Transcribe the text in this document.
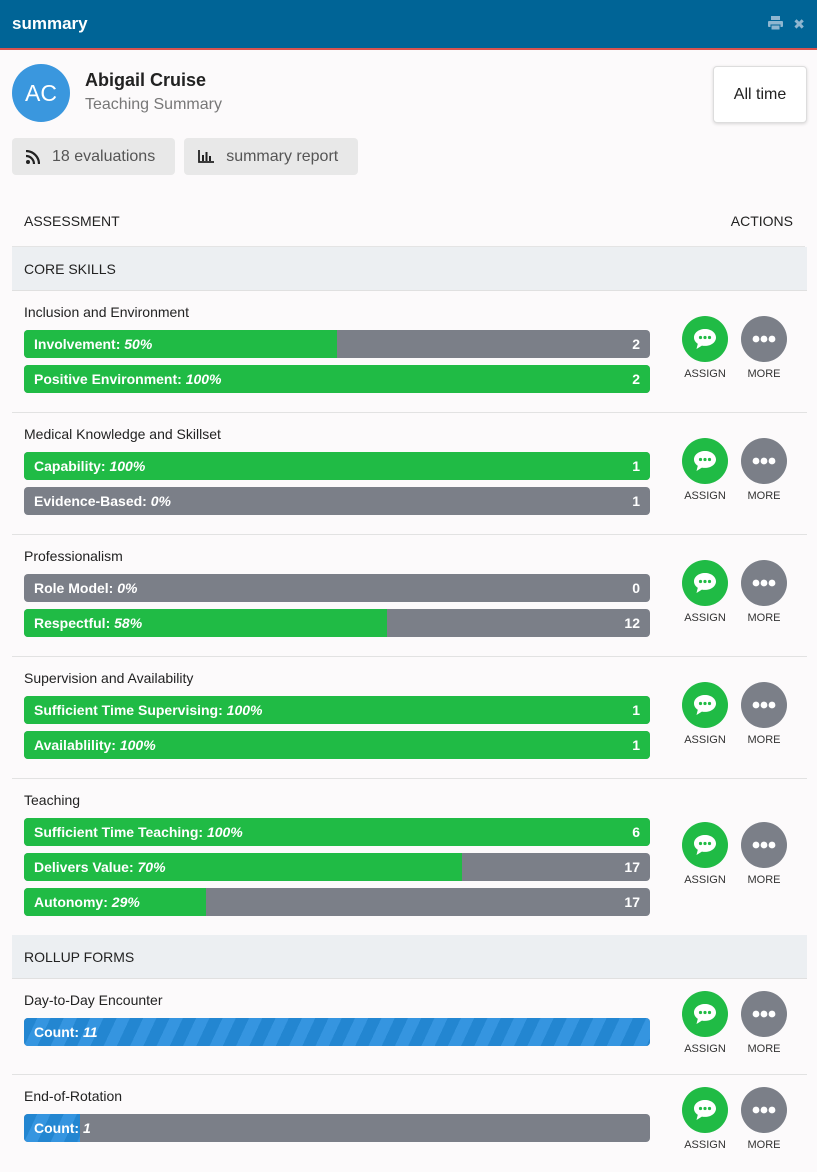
summary	✖
AC	Abigail Cruise
Teaching Summary
All time
18 evaluations	summary report
ASSESSMENT	ACTIONS
CORE SKILLS
Inclusion and Environment
Involvement: 50%	2
Positive Environment: 100%	2	ASSIGN MORE
Medical Knowledge and Skillset
Capability: 100%	1
Evidence-Based: 0%	1	ASSIGN MORE
Professionalism
Role Model: 0%	0
Respectful: 58%	12	ASSIGN MORE
Supervision and Availability
Sufficient Time Supervising: 100%	1
Availablility: 100%	1	ASSIGN MORE
Teaching
Sufficient Time Teaching: 100%	6
Delivers Value: 70%	17
Autonomy: 29%	17
ASSIGN MORE
ROLLUP FORMS
Day-to-Day Encounter
Count: 11
ASSIGN MORE
End-of-Rotation
Count: 1
ASSIGN MORE
